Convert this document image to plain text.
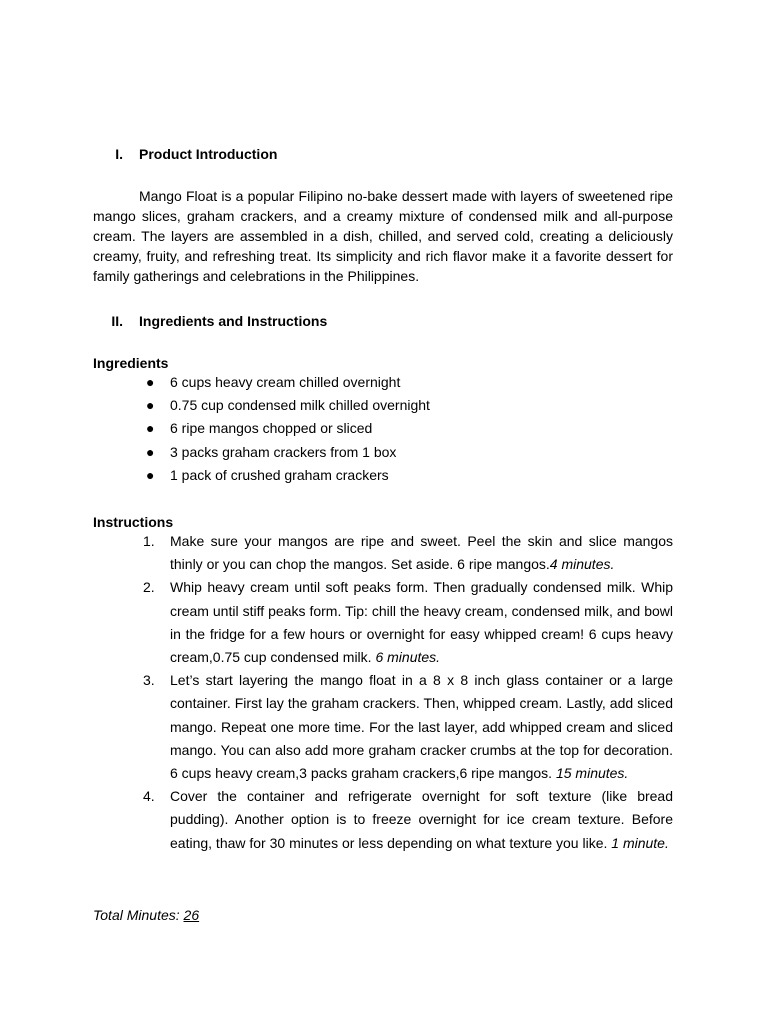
I. Product Introduction

Mango Float is a popular Filipino no-bake dessert made with layers of sweetened ripe mango slices, graham crackers, and a creamy mixture of condensed milk and all-purpose cream. The layers are assembled in a dish, chilled, and served cold, creating a deliciously creamy, fruity, and refreshing treat. Its simplicity and rich flavor make it a favorite dessert for family gatherings and celebrations in the Philippines.

II. Ingredients and Instructions
Ingredients
● 6 cups heavy cream chilled overnight
● 0.75 cup condensed milk chilled overnight
● 6 ripe mangos chopped or sliced
● 3 packs graham crackers from 1 box
● 1 pack of crushed graham crackers
Instructions
1.	Make sure your mangos are ripe and sweet. Peel the skin and slice mangos thinly or you can chop the mangos. Set aside. 6 ripe mangos.4 minutes.
2.	Whip heavy cream until soft peaks form. Then gradually condensed milk. Whip cream until stiff peaks form. Tip: chill the heavy cream, condensed milk, and bowl in the fridge for a few hours or overnight for easy whipped cream! 6 cups heavy cream,0.75 cup condensed milk. 6 minutes.
3.	Let’s start layering the mango float in a 8 x 8 inch glass container or a large container. First lay the graham crackers. Then, whipped cream. Lastly, add sliced mango. Repeat one more time. For the last layer, add whipped cream and sliced mango. You can also add more graham cracker crumbs at the top for decoration. 6 cups heavy cream,3 packs graham crackers,6 ripe mangos. 15 minutes.
4.	Cover the container and refrigerate overnight for soft texture (like bread pudding). Another option is to freeze overnight for ice cream texture. Before eating, thaw for 30 minutes or less depending on what texture you like. 1 minute.
Total Minutes: 26
